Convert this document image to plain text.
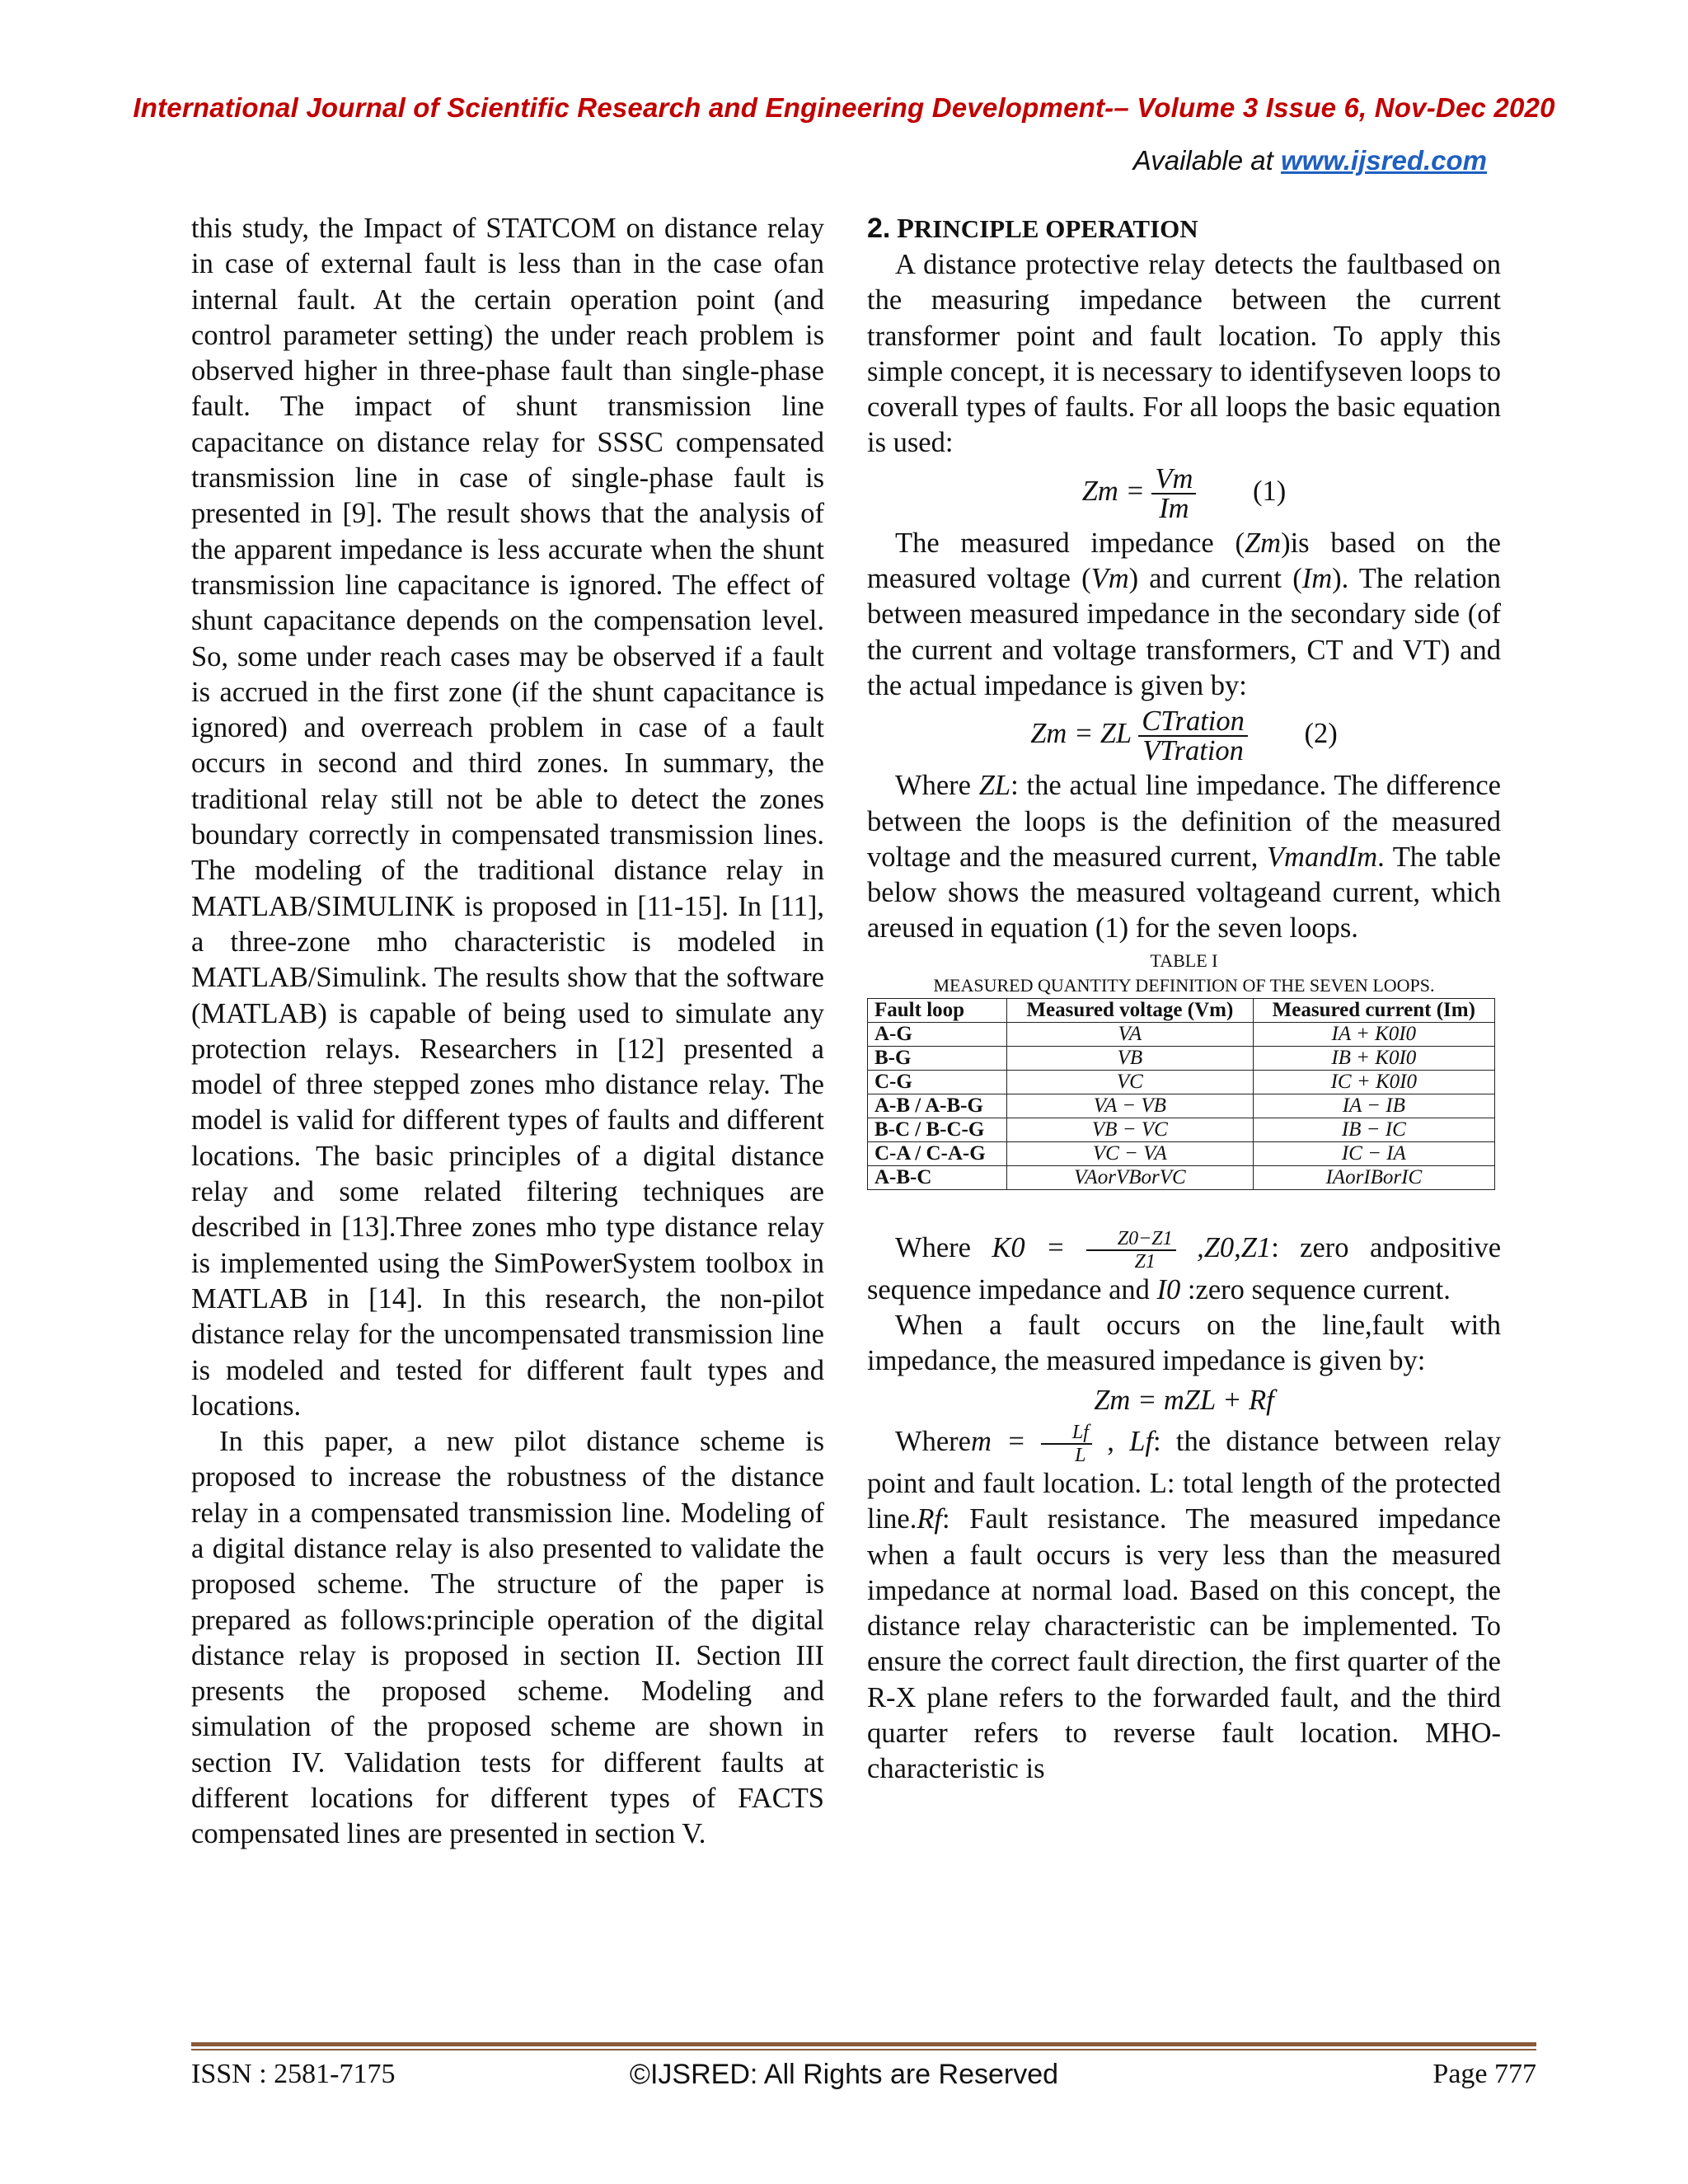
International Journal of Scientific Research and Engineering Development-– Volume 3 Issue 6, Nov-Dec 2020
Available at www.ijsred.com

this study, the Impact of STATCOM on distance relay in case of external fault is less than in the case ofan internal fault. At the certain operation point (and control parameter setting) the under reach problem is observed higher in three-phase fault than single-phase fault. The impact of shunt transmission line capacitance on distance relay for SSSC compensated transmission line in case of single-phase fault is presented in [9]. The result shows that the analysis of the apparent impedance is less accurate when the shunt transmission line capacitance is ignored. The effect of shunt capacitance depends on the compensation level. So, some under reach cases may be observed if a fault is accrued in the first zone (if the shunt capacitance is ignored) and overreach problem in case of a fault occurs in second and third zones. In summary, the traditional relay still not be able to detect the zones boundary correctly in compensated transmission lines. The modeling of the traditional distance relay in MATLAB/SIMULINK is proposed in [11-15]. In [11], a three-zone mho characteristic is modeled in MATLAB/Simulink. The results show that the software (MATLAB) is capable of being used to simulate any protection relays. Researchers in [12] presented a model of three stepped zones mho distance relay. The model is valid for different types of faults and different locations. The basic principles of a digital distance relay and some related filtering techniques are described in [13].Three zones mho type distance relay is implemented using the SimPowerSystem toolbox in MATLAB in [14]. In this research, the non-pilot distance relay for the uncompensated transmission line is modeled and tested for different fault types and locations.

In this paper, a new pilot distance scheme is proposed to increase the robustness of the distance relay in a compensated transmission line. Modeling of a digital distance relay is also presented to validate the proposed scheme. The structure of the paper is prepared as follows:principle operation of the digital distance relay is proposed in section II. Section III presents the proposed scheme. Modeling and simulation of the proposed scheme are shown in section IV. Validation tests for different faults at different locations for different types of FACTS compensated lines are presented in section V.

2. PRINCIPLE OPERATION

A distance protective relay detects the faultbased on the measuring impedance between the current transformer point and fault location. To apply this simple concept, it is necessary to identifyseven loops to coverall types of faults. For all loops the basic equation is used:

$Zm = \frac{Vm}{Im} (1)$

The measured impedance (Zm)is based on the measured voltage (Vm) and current (Im). The relation between measured impedance in the secondary side (of the current and voltage transformers, CT and VT) and the actual impedance is given by:

Zm = ZL $\frac{\text{CTration}}{\text{VTration}} (2)$

Where ZL: the actual line impedance. The difference between the loops is the definition of the measured voltage and the measured current, VmandIm. The table below shows the measured voltageand current, which areused in equation (1) for the seven loops.

TABLE I
MEASURED QUANTITY DEFINITION OF THE SEVEN LOOPS.
Fault loop	Measured voltage (Vm)	Measured current (Im)
A-G	VA	IA + K0I0
B-G	VB	IB + K0I0
C-G	VC	IC + K0I0
A-B / A-B-G	VA − VB	IA − IB
B-C / B-C-G	VB − VC	IB − IC
C-A / C-A-G	VC − VA	IC − IA
A-B-C	VAorVBorVC	IAorIBorIC

Where $K0 = \frac{Z0-Z1}{Z1} ,Z0,Z1$: zero andpositive sequence impedance and I0 :zero sequence current.

When a fault occurs on the line,fault with impedance, the measured impedance is given by:

Zm = mZL + Rf

Wherem = $\frac{Lf}{L}$ , Lf: the distance between relay point and fault location. L: total length of the protected line.Rf: Fault resistance. The measured impedance when a fault occurs is very less than the measured impedance at normal load. Based on this concept, the distance relay characteristic can be implemented. To ensure the correct fault direction, the first quarter of the R-X plane refers to the forwarded fault, and the third quarter refers to reverse fault location. MHO-characteristic is

ISSN : 2581-7175	©IJSRED: All Rights are Reserved	Page 777
